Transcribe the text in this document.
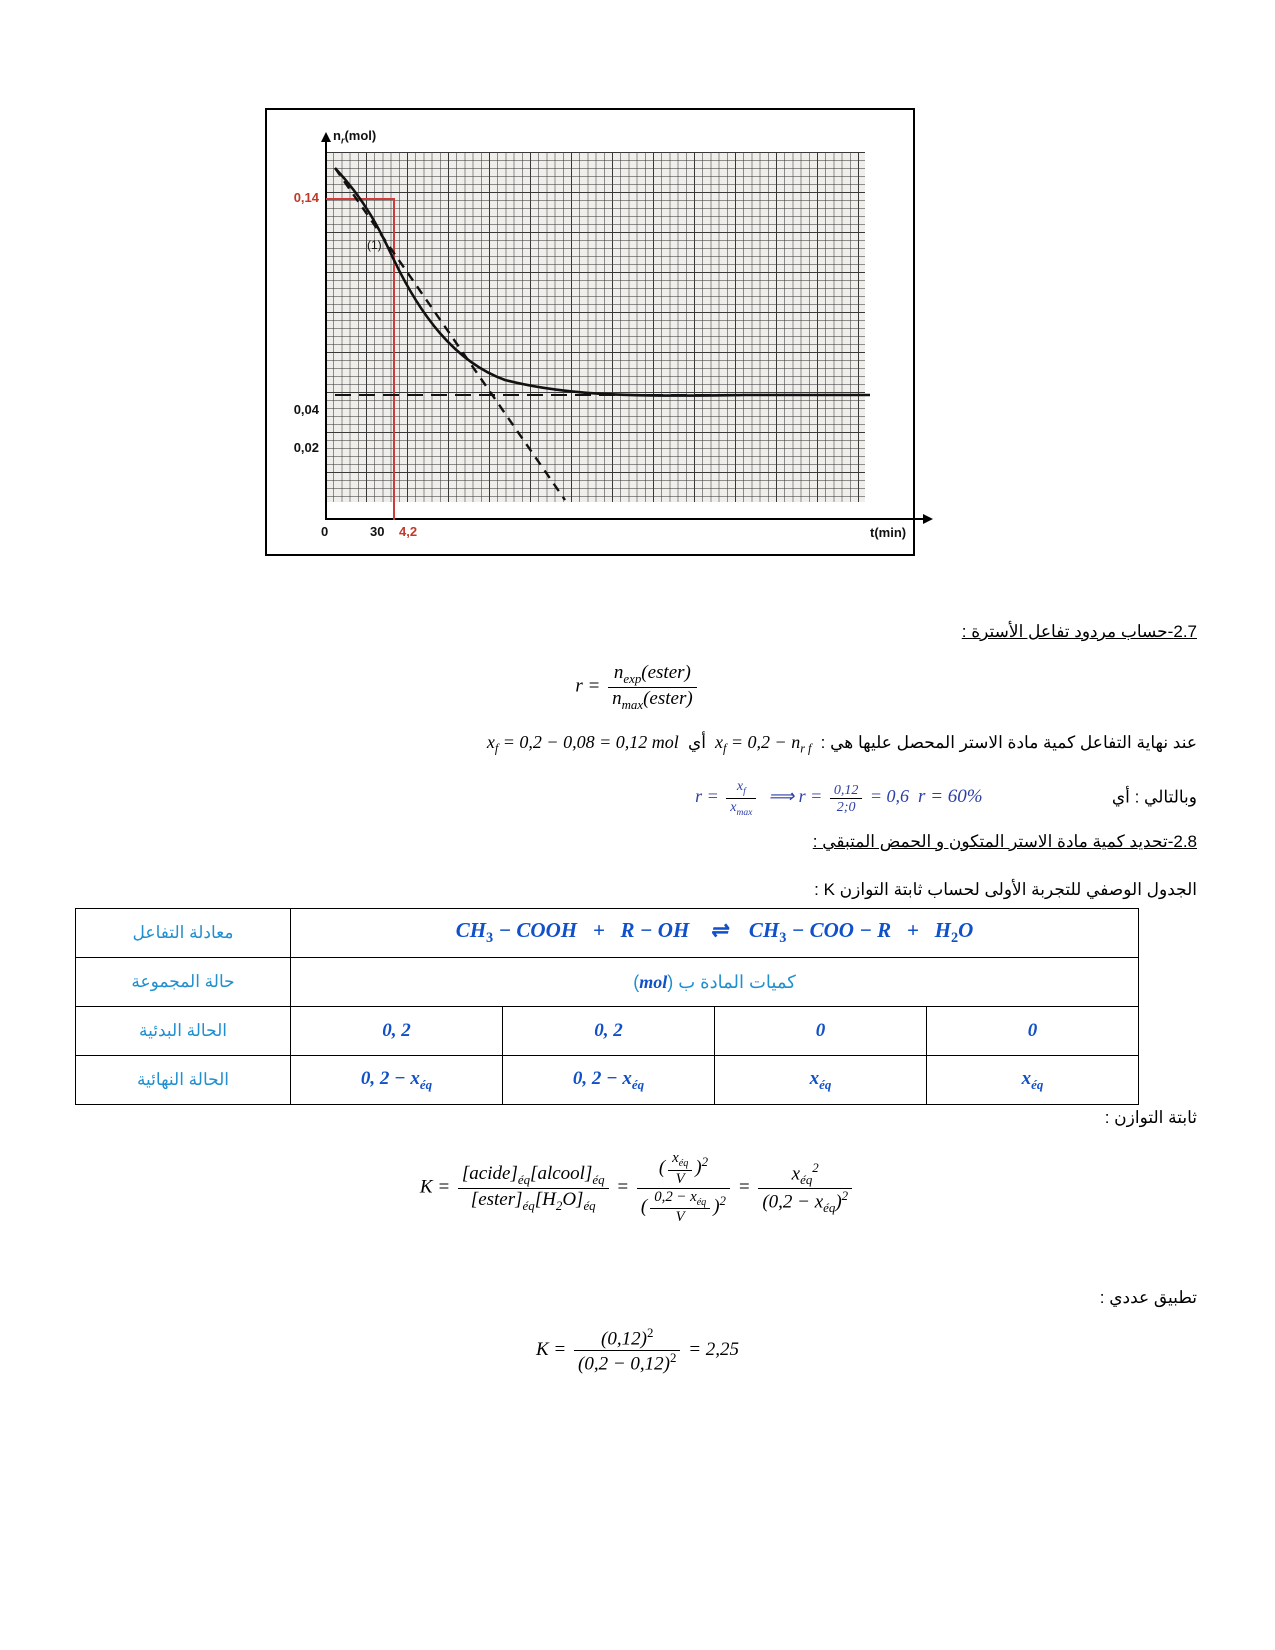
$n_r(mol)$
t(min)
0,14
0,04
0,02
0	30 4,2
(1)
2.7-حساب مردود تفاعل الأسترة :
$r = \frac{n_{exp}(ester)}{n_{max}(ester)}$
عند نهاية التفاعل كمية مادة الاستر المحصل عليها هي :  $x_f = 0,2 - n_{r f}$  أي  $x_f = 0,2 - 0,08 = 0,12$ mol
وبالتالي : أي  r =
$\frac{x_f}{x_{max}}$ ⟹ $r = \frac{0,12}{0;2} = 0,6$  r = 60%
2.8-تحديد كمية مادة الاستر المتكون و الحمض المتبقي :
الجدول الوصفي للتجربة الأولى لحساب ثابتة التوازن K :
معادلة التفاعل	$CH_3$ − COOH   +   R − OH    ⇌    $CH_3$ − COO − $R + H_2O$			
حالة المجموعة	كميات المادة ب (mol)			
الحالة البدئية	0, 2	0, 2	0	0
الحالة النهائية	0, $2 - x_{éq}$	0, $2 - x_{éq}$	$x_{éq}$	$x_{éq}$
ثابتة التوازن :
$K = \frac{[acide]_{éq}[alcool]_{éq}}{[ester]_{éq}[H_2O]_{éq}} = \frac{( \frac{x_{éq}}{V} )^2}{( \frac{0,2 - x_{éq}}{V} )^2} = \frac{x_{éq}^2}{(0,2 - x_{éq})^2}$
تطبيق عددي :
$K = \frac{(0,12)^2}{(0,2 - 0,12)^2} = 2,25$
